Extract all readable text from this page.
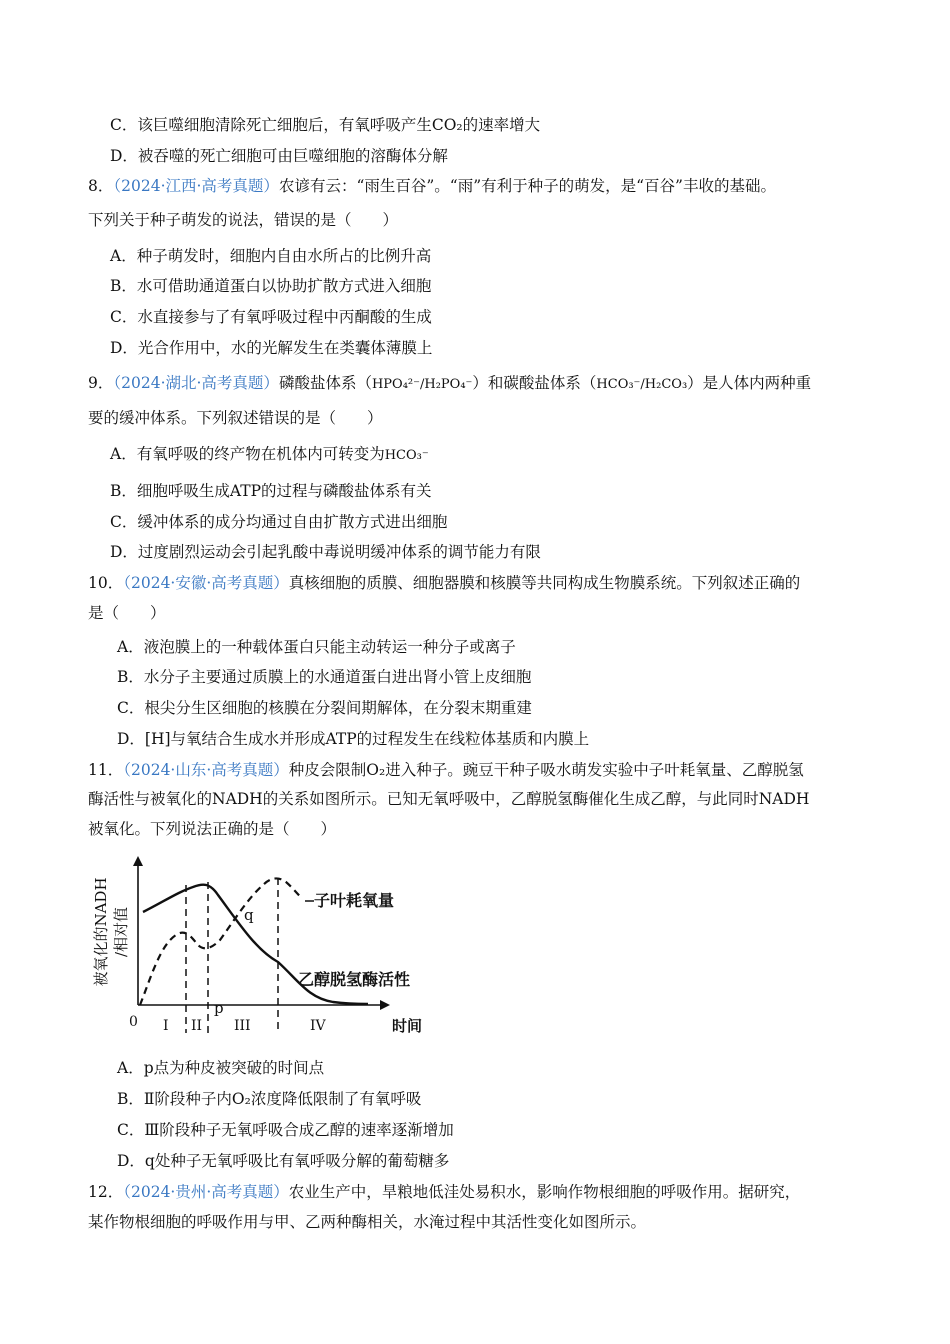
C．该巨噬细胞清除死亡细胞后，有氧呼吸产生CO₂的速率增大
D．被吞噬的死亡细胞可由巨噬细胞的溶酶体分解
8．（2024·江西·高考真题）农谚有云：“雨生百谷”。“雨”有利于种子的萌发，是“百谷”丰收的基础。
下列关于种子萌发的说法，错误的是（　　）
A．种子萌发时，细胞内自由水所占的比例升高
B．水可借助通道蛋白以协助扩散方式进入细胞
C．水直接参与了有氧呼吸过程中丙酮酸的生成
D．光合作用中，水的光解发生在类囊体薄膜上
9．（2024·湖北·高考真题）磷酸盐体系（HPO₄²⁻/H₂PO₄⁻）和碳酸盐体系（HCO₃⁻/H₂CO₃）是人体内两种重
要的缓冲体系。下列叙述错误的是（　　）
A．有氧呼吸的终产物在机体内可转变为HCO₃⁻
B．细胞呼吸生成ATP的过程与磷酸盐体系有关
C．缓冲体系的成分均通过自由扩散方式进出细胞
D．过度剧烈运动会引起乳酸中毒说明缓冲体系的调节能力有限
10．（2024·安徽·高考真题）真核细胞的质膜、细胞器膜和核膜等共同构成生物膜系统。下列叙述正确的
是（　　）
A．液泡膜上的一种载体蛋白只能主动转运一种分子或离子
B．水分子主要通过质膜上的水通道蛋白进出肾小管上皮细胞
C．根尖分生区细胞的核膜在分裂间期解体，在分裂末期重建
D．[H]与氧结合生成水并形成ATP的过程发生在线粒体基质和内膜上
11．（2024·山东·高考真题）种皮会限制O₂进入种子。豌豆干种子吸水萌发实验中子叶耗氧量、乙醇脱氢
酶活性与被氧化的NADH的关系如图所示。已知无氧呼吸中，乙醇脱氢酶催化生成乙醇，与此同时NADH
被氧化。下列说法正确的是（　　）
被氧化的NADH /相对值
子叶耗氧量
乙醇脱氢酶活性
q
p
0 I II III	IV	时间
A．p点为种皮被突破的时间点
B．Ⅱ阶段种子内O₂浓度降低限制了有氧呼吸
C．Ⅲ阶段种子无氧呼吸合成乙醇的速率逐渐增加
D．q处种子无氧呼吸比有氧呼吸分解的葡萄糖多
12．（2024·贵州·高考真题）农业生产中，旱粮地低洼处易积水，影响作物根细胞的呼吸作用。据研究，
某作物根细胞的呼吸作用与甲、乙两种酶相关，水淹过程中其活性变化如图所示。
